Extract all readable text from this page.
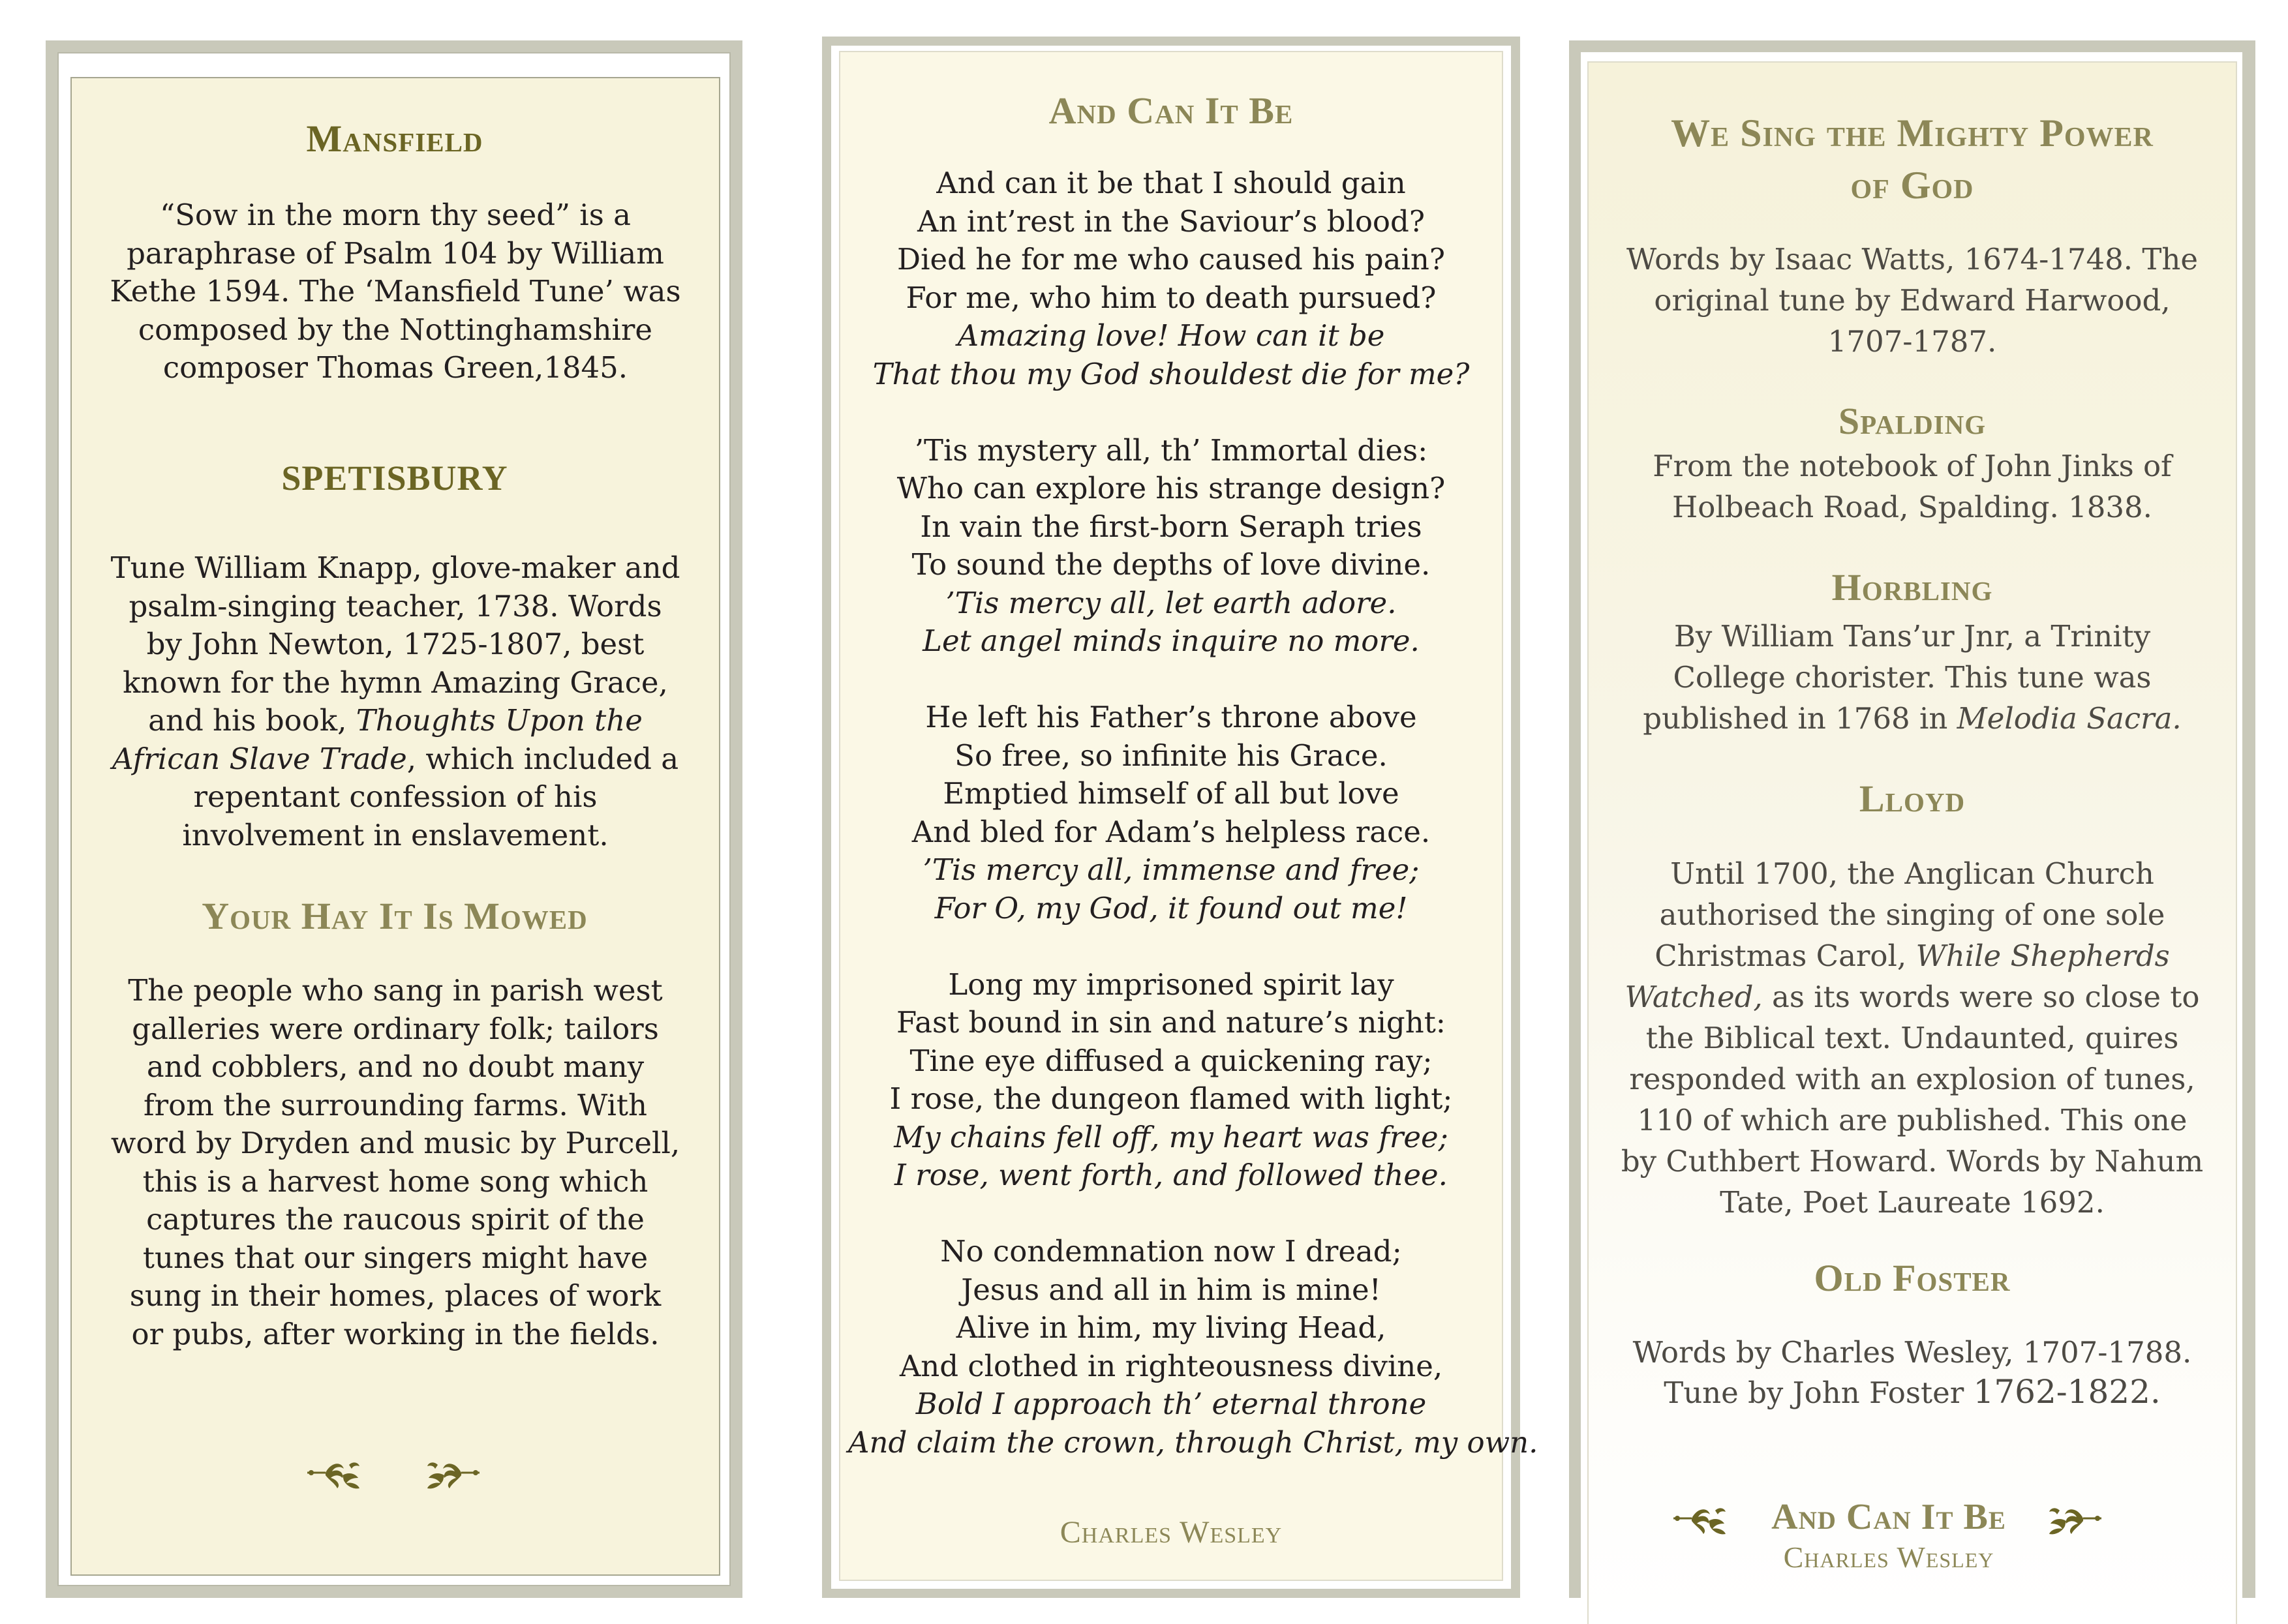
Mansfield

“Sow in the morn thy seed” is a paraphrase of Psalm 104 by William Kethe 1594. The ‘Mansfield Tune’ was composed by the Nottinghamshire composer Thomas Green,1845.

SPETISBURY

Tune William Knapp, glove-maker and psalm-singing teacher, 1738. Words by John Newton, 1725-1807, best known for the hymn Amazing Grace, and his book, Thoughts Upon the African Slave Trade, which included a repentant confession of his involvement in enslavement.

Your Hay It Is Mowed

The people who sang in parish west galleries were ordinary folk; tailors and cobblers, and no doubt many from the surrounding farms. With word by Dryden and music by Purcell, this is a harvest home song which captures the raucous spirit of the tunes that our singers might have sung in their homes, places of work or pubs, after working in the fields.

And Can It Be
And can it be that I should gain
An int’rest in the Saviour’s blood?
Died he for me who caused his pain?
For me, who him to death pursued?
Amazing love! How can it be
That thou my God shouldest die for me?
’Tis mystery all, th’ Immortal dies:
Who can explore his strange design?
In vain the first-born Seraph tries
To sound the depths of love divine.
’Tis mercy all, let earth adore.
Let angel minds inquire no more.
He left his Father’s throne above
So free, so infinite his Grace.
Emptied himself of all but love
And bled for Adam’s helpless race.
’Tis mercy all, immense and free;
For O, my God, it found out me!
Long my imprisoned spirit lay
Fast bound in sin and nature’s night:
Tine eye diffused a quickening ray;
I rose, the dungeon flamed with light;
My chains fell off, my heart was free;
I rose, went forth, and followed thee.
No condemnation now I dread;
Jesus and all in him is mine!
Alive in him, my living Head,
And clothed in righteousness divine,
Bold I approach th’ eternal throne
And claim the crown, through Christ, my own.
Charles Wesley
We Sing the Mighty Power
of God

Words by Isaac Watts, 1674-1748. The original tune by Edward Harwood, 1707-1787.

Spalding

From the notebook of John Jinks of Holbeach Road, Spalding. 1838.

Horbling

By William Tans’ur Jnr, a Trinity College chorister. This tune was published in 1768 in Melodia Sacra.

Lloyd

Until 1700, the Anglican Church authorised the singing of one sole Christmas Carol, While Shepherds Watched, as its words were so close to the Biblical text. Undaunted, quires responded with an explosion of tunes, 110 of which are published. This one by Cuthbert Howard. Words by Nahum Tate, Poet Laureate 1692.

Old Foster

Words by Charles Wesley, 1707-1788.
Tune by John Foster 1762-1822.

And Can It Be
Charles Wesley
